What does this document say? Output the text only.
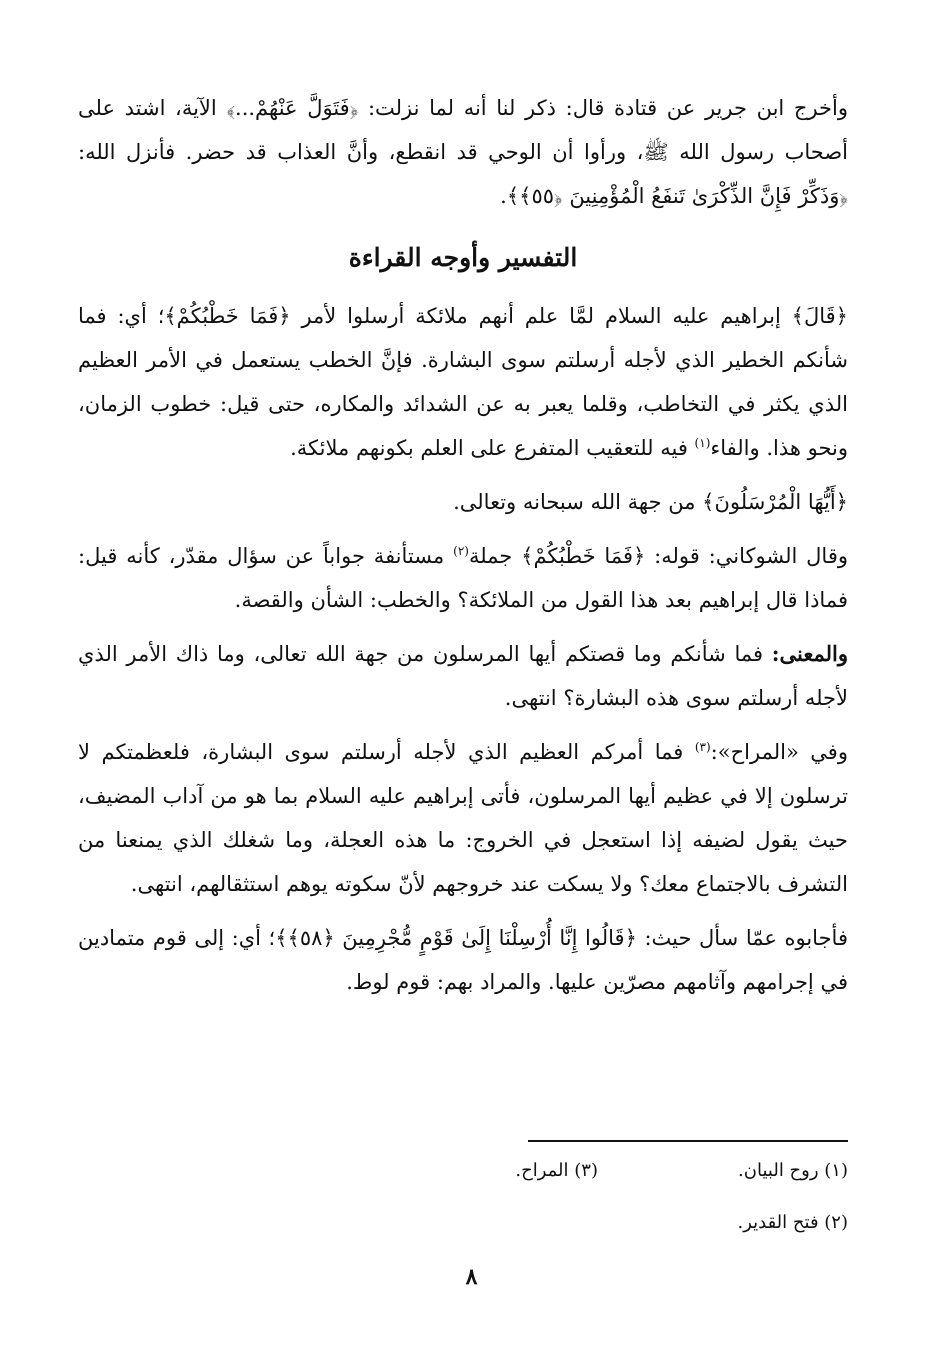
وأخرج ابن جرير عن قتادة قال: ذكر لنا أنه لما نزلت: ﴿فَتَوَلَّ عَنْهُمْ...﴾ الآية، اشتد على أصحاب رسول الله ﷺ، ورأوا أن الوحي قد انقطع، وأنَّ العذاب قد حضر. فأنزل الله: ﴿وَذَكِّرْ فَإِنَّ الذِّكْرَىٰ تَنفَعُ الْمُؤْمِنِينَ ﴿٥٥﴾﴾.

التفسير وأوجه القراءة

﴿قَالَ﴾ إبراهيم عليه السلام لمَّا علم أنهم ملائكة أرسلوا لأمر ﴿فَمَا خَطْبُكُمْ﴾؛ أي: فما شأنكم الخطير الذي لأجله أرسلتم سوى البشارة. فإنَّ الخطب يستعمل في الأمر العظيم الذي يكثر في التخاطب، وقلما يعبر به عن الشدائد والمكاره، حتى قيل: خطوب الزمان، ونحو هذا. والفاء$^{(١)}$ فيه للتعقيب المتفرع على العلم بكونهم ملائكة.

﴿أَيُّهَا الْمُرْسَلُونَ﴾ من جهة الله سبحانه وتعالى.

وقال الشوكاني: قوله: ﴿فَمَا خَطْبُكُمْ﴾ جملة$^{(٢)}$ مستأنفة جواباً عن سؤال مقدّر، كأنه قيل: فماذا قال إبراهيم بعد هذا القول من الملائكة؟ والخطب: الشأن والقصة.

والمعنى: فما شأنكم وما قصتكم أيها المرسلون من جهة الله تعالى، وما ذاك الأمر الذي لأجله أرسلتم سوى هذه البشارة؟ انتهى.

وفي «المراح»:$^{(٣)}$ فما أمركم العظيم الذي لأجله أرسلتم سوى البشارة، فلعظمتكم لا ترسلون إلا في عظيم أيها المرسلون، فأتى إبراهيم عليه السلام بما هو من آداب المضيف، حيث يقول لضيفه إذا استعجل في الخروج: ما هذه العجلة، وما شغلك الذي يمنعنا من التشرف بالاجتماع معك؟ ولا يسكت عند خروجهم لأنّ سكوته يوهم استثقالهم، انتهى.

فأجابوه عمّا سأل حيث: ﴿قَالُوا إِنَّا أُرْسِلْنَا إِلَىٰ قَوْمٍ مُّجْرِمِينَ ﴿٥٨﴾﴾؛ أي: إلى قوم متمادين في إجرامهم وآثامهم مصرّين عليها. والمراد بهم: قوم لوط.

(١) روح البيان.
(٣) المراح.
(٢) فتح القدير.
٨
